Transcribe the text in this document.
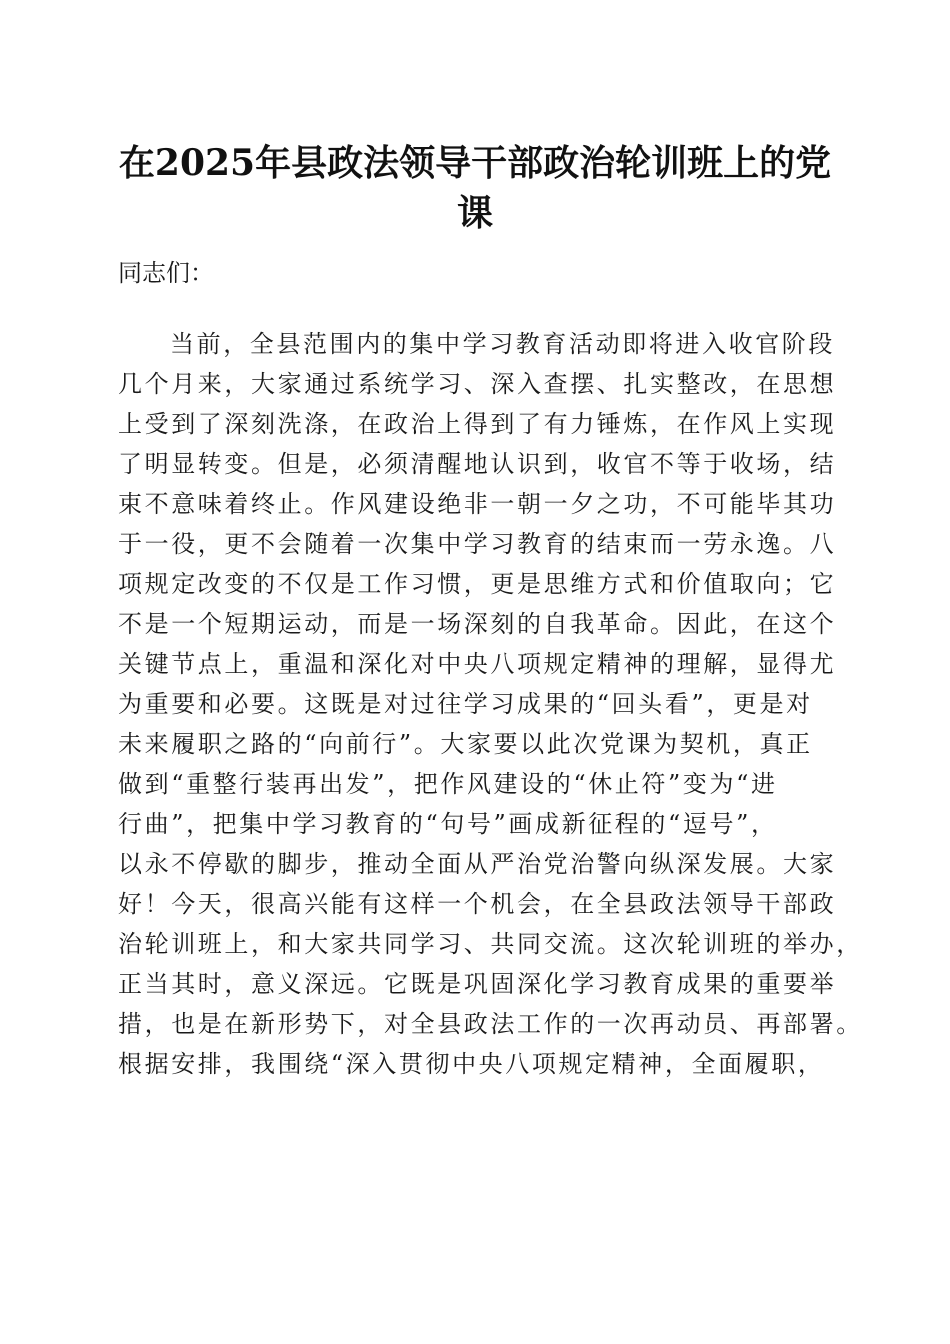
在2025年县政法领导干部政治轮训班上的党
课
同志们：
当前，全县范围内的集中学习教育活动即将进入收官阶段
几个月来，大家通过系统学习、深入查摆、扎实整改，在思想
上受到了深刻洗涤，在政治上得到了有力锤炼，在作风上实现
了明显转变。但是，必须清醒地认识到，收官不等于收场，结
束不意味着终止。作风建设绝非一朝一夕之功，不可能毕其功
于一役，更不会随着一次集中学习教育的结束而一劳永逸。八
项规定改变的不仅是工作习惯，更是思维方式和价值取向；它
不是一个短期运动，而是一场深刻的自我革命。因此，在这个
关键节点上，重温和深化对中央八项规定精神的理解，显得尤
为重要和必要。这既是对过往学习成果的“回头看”，更是对
未来履职之路的“向前行”。大家要以此次党课为契机，真正
做到“重整行装再出发”，把作风建设的“休止符”变为“进
行曲”，把集中学习教育的“句号”画成新征程的“逗号”，
以永不停歇的脚步，推动全面从严治党治警向纵深发展。大家
好！今天，很高兴能有这样一个机会，在全县政法领导干部政
治轮训班上，和大家共同学习、共同交流。这次轮训班的举办，
正当其时，意义深远。它既是巩固深化学习教育成果的重要举
措，也是在新形势下，对全县政法工作的一次再动员、再部署。
根据安排，我围绕“深入贯彻中央八项规定精神，全面履职，
